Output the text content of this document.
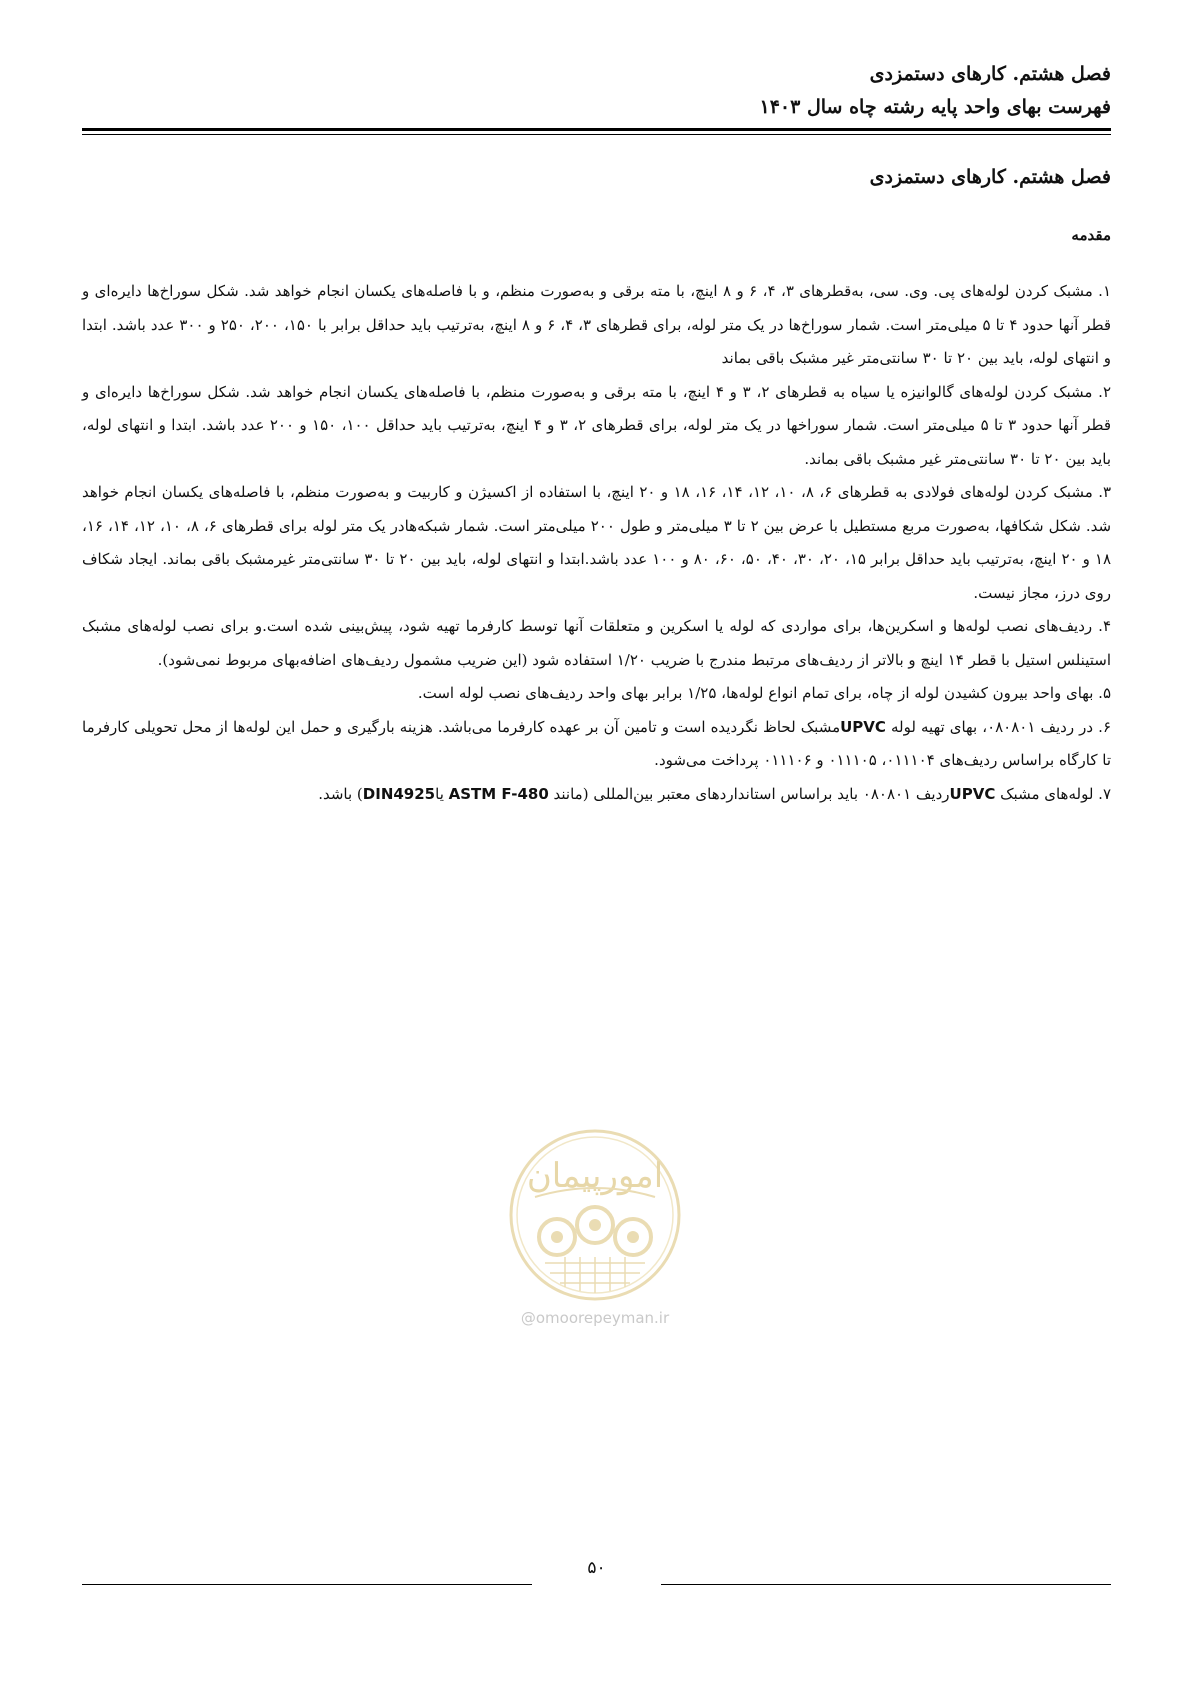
فصل هشتم. کارهای دستمزدی
فهرست بهای واحد پایه رشته چاه سال ۱۴۰۳
فصل هشتم. کارهای دستمزدی
مقدمه

۱. مشبک کردن لوله‌های پی. وی. سی، به‌قطرهای ۳، ۴، ۶ و ۸ اینچ، با مته برقی و به‌صورت منظم، و با فاصله‌های یکسان انجام خواهد شد. شکل سوراخ‌ها دایره‌ای و قطر آنها حدود ۴ تا ۵ میلی‌متر است. شمار سوراخ‌ها در یک متر لوله، برای قطرهای ۳، ۴، ۶ و ۸ اینچ، به‌ترتیب باید حداقل برابر با ۱۵۰، ۲۰۰، ۲۵۰ و ۳۰۰ عدد باشد. ابتدا و انتهای لوله، باید بین ۲۰ تا ۳۰ سانتی‌متر غیر مشبک باقی بماند

۲. مشبک کردن لوله‌های گالوانیزه یا سیاه به قطرهای ۲، ۳ و ۴ اینچ، با مته برقی و به‌صورت منظم، با فاصله‌های یکسان انجام خواهد شد. شکل سوراخ‌ها دایره‌ای و قطر آنها حدود ۳ تا ۵ میلی‌متر است. شمار سوراخها در یک متر لوله، برای قطرهای ۲، ۳ و ۴ اینچ، به‌ترتیب باید حداقل ۱۰۰، ۱۵۰ و ۲۰۰ عدد باشد. ابتدا و انتهای لوله، باید بین ۲۰ تا ۳۰ سانتی‌متر غیر مشبک باقی بماند.

۳. مشبک کردن لوله‌های فولادی به قطرهای ۶، ۸، ۱۰، ۱۲، ۱۴، ۱۶، ۱۸ و ۲۰ اینچ، با استفاده از اکسیژن و کاربیت و به‌صورت منظم، با فاصله‌های یکسان انجام خواهد شد. شکل شکافها، به‌صورت مربع مستطیل با عرض بین ۲ تا ۳ میلی‌متر و طول ۲۰۰ میلی‌متر است. شمار شبکه‌هادر یک متر لوله برای قطرهای ۶، ۸، ۱۰، ۱۲، ۱۴، ۱۶، ۱۸ و ۲۰ اینچ، به‌ترتیب باید حداقل برابر ۱۵، ۲۰، ۳۰، ۴۰، ۵۰، ۶۰، ۸۰ و ۱۰۰ عدد باشد.ابتدا و انتهای لوله، باید بین ۲۰ تا ۳۰ سانتی‌متر غیرمشبک باقی بماند. ایجاد شکاف روی درز، مجاز نیست.

۴. ردیف‌های نصب لوله‌ها و اسکرین‌ها، برای مواردی که لوله یا اسکرین و متعلقات آنها توسط کارفرما تهیه شود، پیش‌بینی شده است.و برای نصب لوله‌های مشبک استینلس استیل با قطر ۱۴ اینچ و بالاتر از ردیف‌های مرتبط مندرج با ضریب ۱/۲۰ استفاده شود (این ضریب مشمول ردیف‌های اضافه‌بهای مربوط نمی‌شود).

۵. بهای واحد بیرون کشیدن لوله از چاه، برای تمام انواع لوله‌ها، ۱/۲۵ برابر بهای واحد ردیف‌های نصب لوله است.

۶. در ردیف ۰۸۰۸۰۱، بهای تهیه لوله UPVCمشبک لحاظ نگردیده است و تامین آن بر عهده کارفرما می‌باشد. هزینه بارگیری و حمل این لوله‌ها از محل تحویلی کارفرما تا کارگاه براساس ردیف‌های ۰۱۱۱۰۴، ۰۱۱۱۰۵ و ۰۱۱۱۰۶ پرداخت می‌شود.

۷. لوله‌های مشبک UPVCردیف ۰۸۰۸۰۱ باید براساس استانداردهای معتبر بین‌المللی (مانند ASTM F-480 یاDIN4925) باشد.

امورپیمان
@omoorepeyman.ir
۵۰
